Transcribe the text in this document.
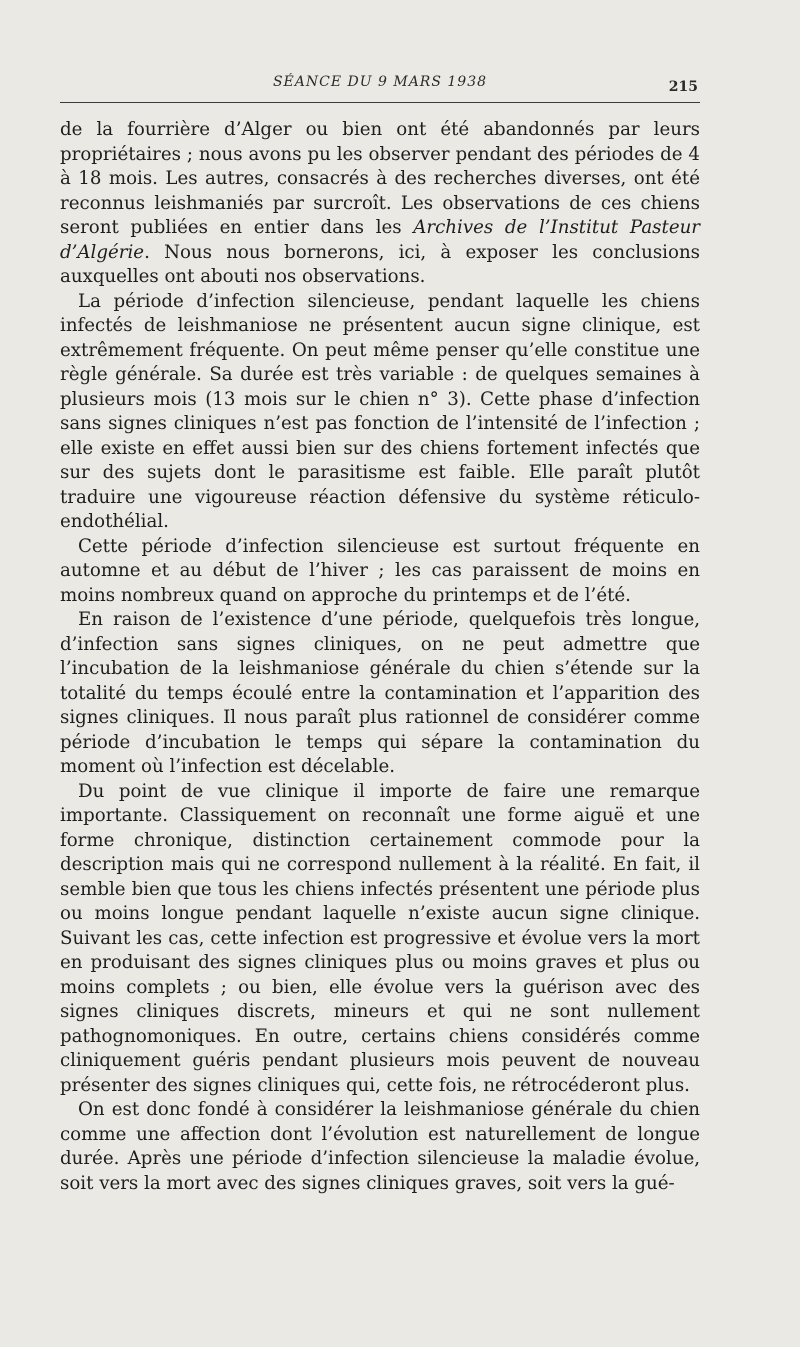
SÉANCE DU 9 MARS 1938	215

de la fourrière d’Alger ou bien ont été abandonnés par leurs propriétaires ; nous avons pu les observer pendant des périodes de 4 à 18 mois. Les autres, consacrés à des recherches diverses, ont été reconnus leishmaniés par surcroît. Les observations de ces chiens seront publiées en entier dans les Archives de l’Institut Pasteur d’Algérie. Nous nous bornerons, ici, à exposer les conclusions auxquelles ont abouti nos observations.

La période d’infection silencieuse, pendant laquelle les chiens infectés de leishmaniose ne présentent aucun signe clinique, est extrêmement fréquente. On peut même penser qu’elle constitue une règle générale. Sa durée est très variable : de quelques semaines à plusieurs mois (13 mois sur le chien n° 3). Cette phase d’infection sans signes cliniques n’est pas fonction de l’intensité de l’infection ; elle existe en effet aussi bien sur des chiens fortement infectés que sur des sujets dont le parasitisme est faible. Elle paraît plutôt traduire une vigoureuse réaction défensive du système réticulo-endothélial.

Cette période d’infection silencieuse est surtout fréquente en automne et au début de l’hiver ; les cas paraissent de moins en moins nombreux quand on approche du printemps et de l’été.

En raison de l’existence d’une période, quelquefois très longue, d’infection sans signes cliniques, on ne peut admettre que l’incubation de la leishmaniose générale du chien s’étende sur la totalité du temps écoulé entre la contamination et l’apparition des signes cliniques. Il nous paraît plus rationnel de considérer comme période d’incubation le temps qui sépare la contamination du moment où l’infection est décelable.

Du point de vue clinique il importe de faire une remarque importante. Classiquement on reconnaît une forme aiguë et une forme chronique, distinction certainement commode pour la description mais qui ne correspond nullement à la réalité. En fait, il semble bien que tous les chiens infectés présentent une période plus ou moins longue pendant laquelle n’existe aucun signe clinique. Suivant les cas, cette infection est progressive et évolue vers la mort en produisant des signes cliniques plus ou moins graves et plus ou moins complets ; ou bien, elle évolue vers la guérison avec des signes cliniques discrets, mineurs et qui ne sont nullement pathognomoniques. En outre, certains chiens considérés comme cliniquement guéris pendant plusieurs mois peuvent de nouveau présenter des signes cliniques qui, cette fois, ne rétrocéderont plus.

On est donc fondé à considérer la leishmaniose générale du chien comme une affection dont l’évolution est naturellement de longue durée. Après une période d’infection silencieuse la maladie évolue, soit vers la mort avec des signes cliniques graves, soit vers la gué-
